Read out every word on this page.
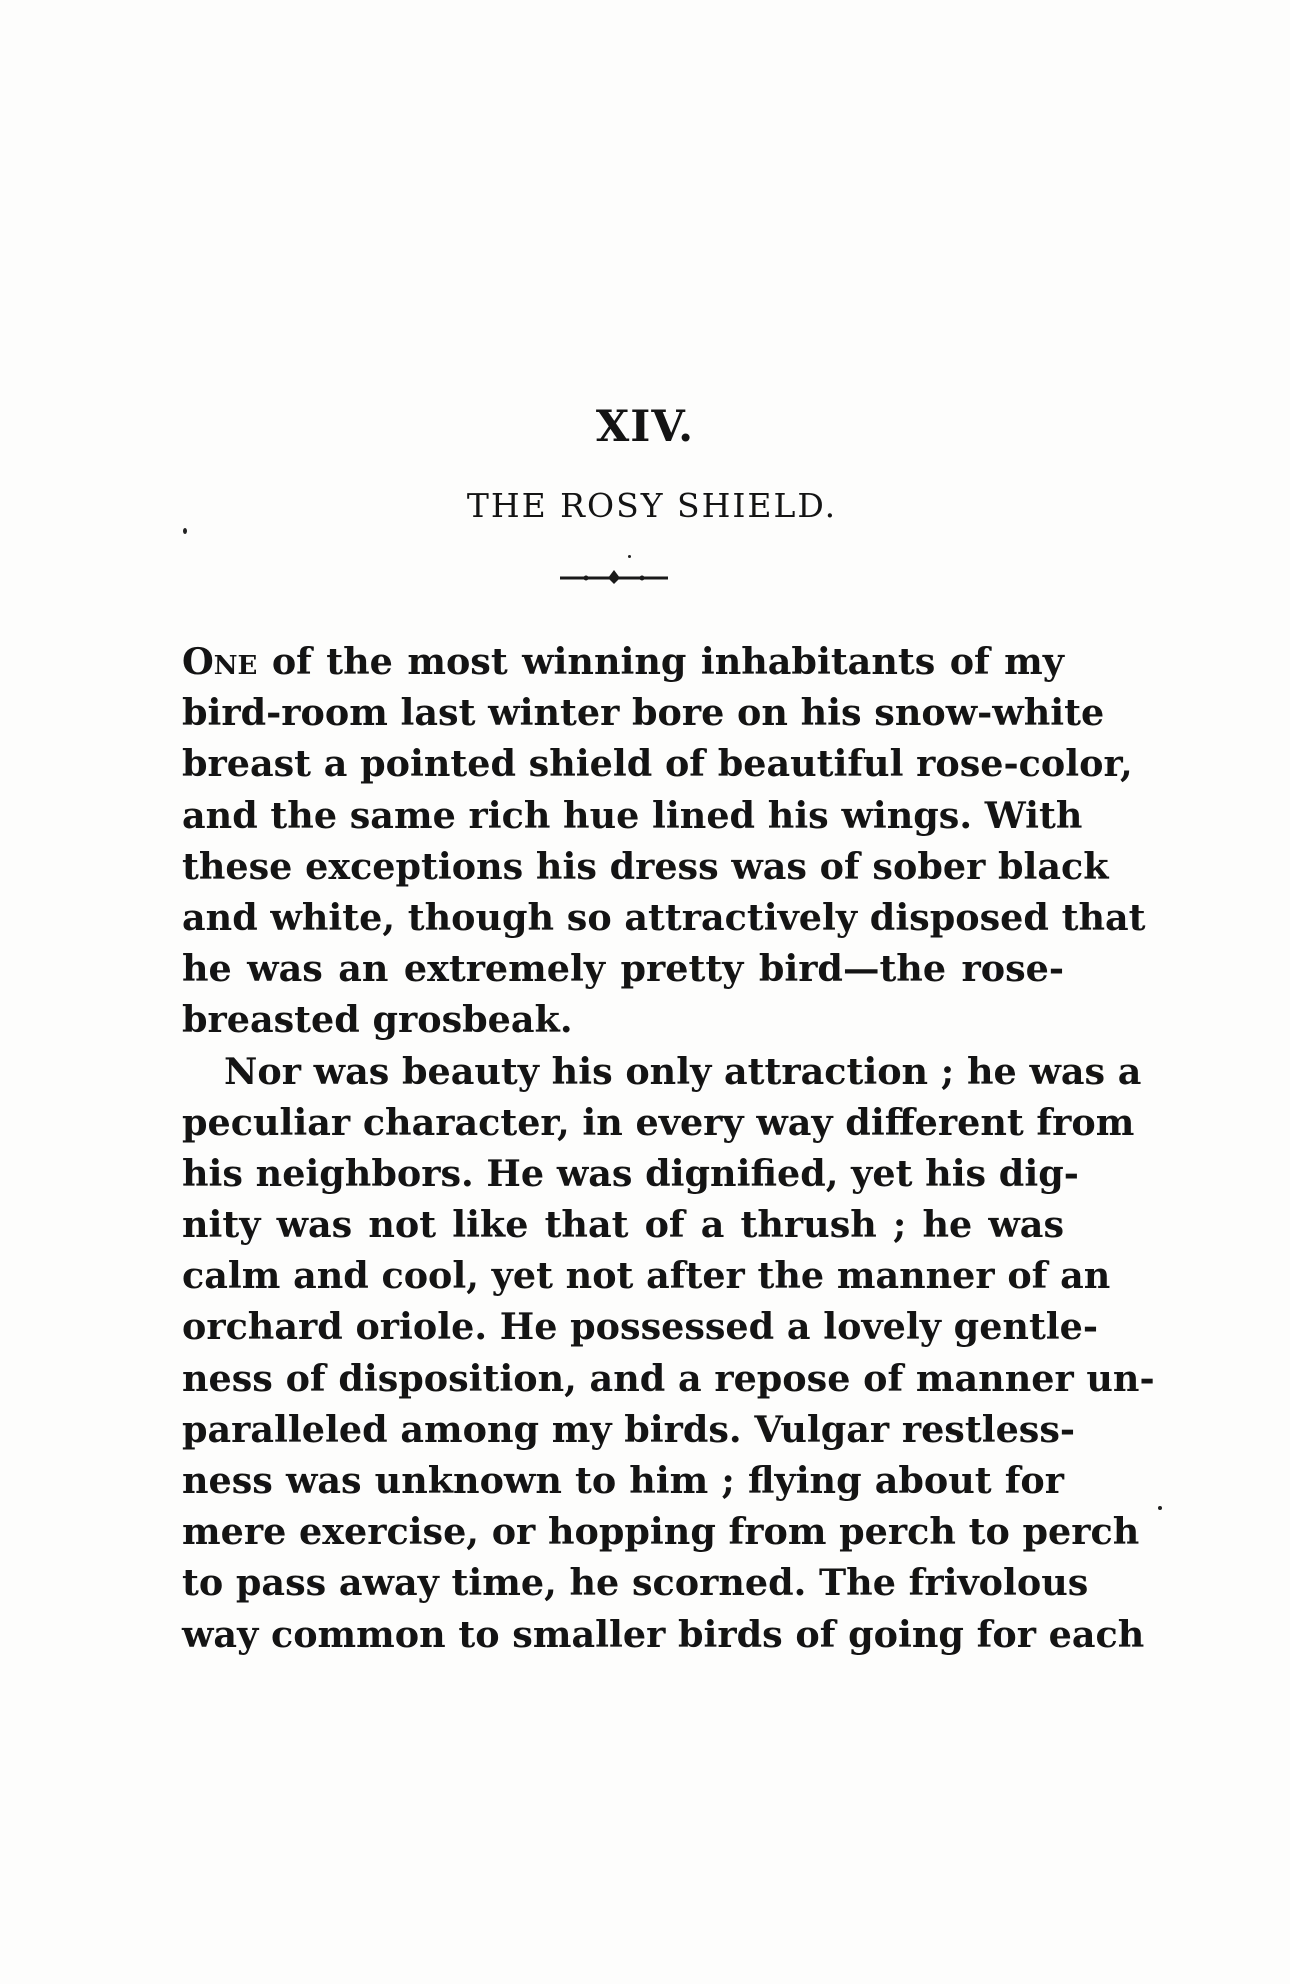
XIV.
THE ROSY SHIELD.
One of the most winning inhabitants of my
bird-room last winter bore on his snow-white
breast a pointed shield of beautiful rose-color,
and the same rich hue lined his wings. With
these exceptions his dress was of sober black
and white, though so attractively disposed that
he was an extremely pretty bird—the rose-
breasted grosbeak.
Nor was beauty his only attraction ; he was a
peculiar character, in every way different from
his neighbors. He was dignified, yet his dig-
nity was not like that of a thrush ; he was
calm and cool, yet not after the manner of an
orchard oriole. He possessed a lovely gentle-
ness of disposition, and a repose of manner un-
paralleled among my birds. Vulgar restless-
ness was unknown to him ; flying about for
mere exercise, or hopping from perch to perch
to pass away time, he scorned. The frivolous
way common to smaller birds of going for each
